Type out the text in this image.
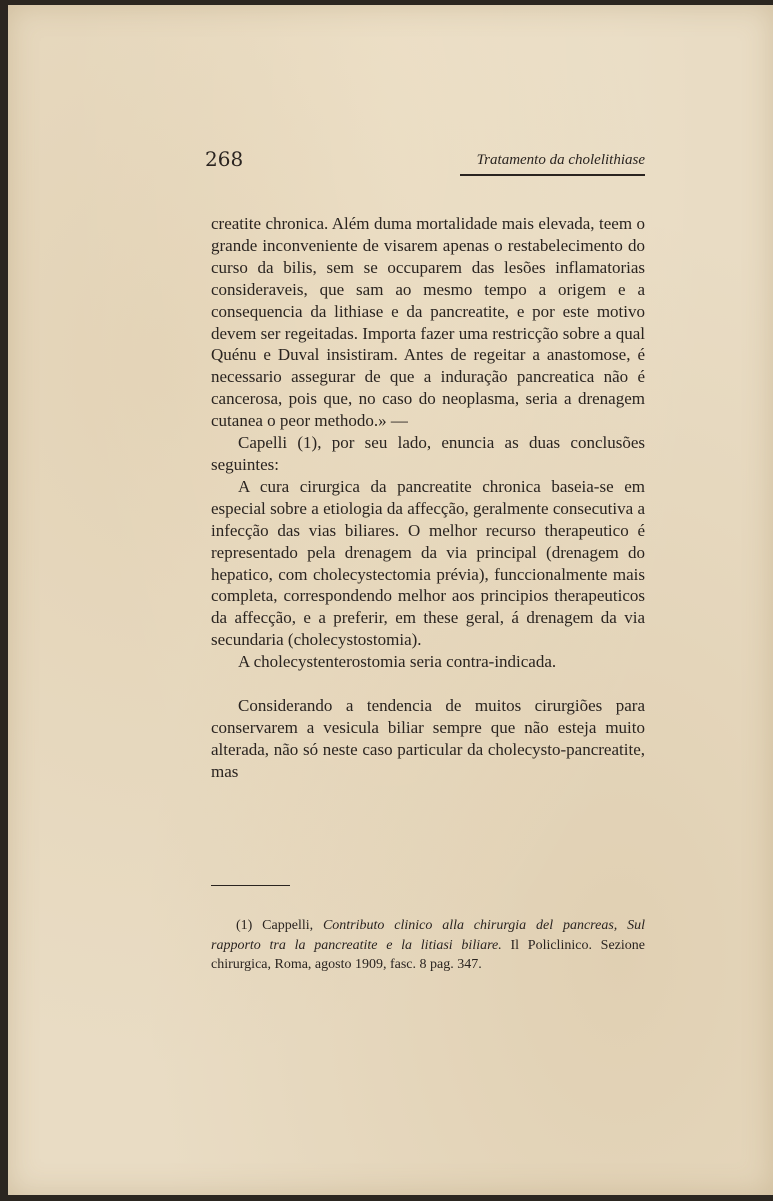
268	Tratamento da cholelithiase

creatite chronica. Além duma mortalidade mais elevada, teem o grande inconveniente de visarem apenas o restabelecimento do curso da bilis, sem se occuparem das lesões inflamatorias consideraveis, que sam ao mesmo tempo a origem e a consequencia da lithiase e da pancreatite, e por este motivo devem ser regeitadas. Importa fazer uma restricção sobre a qual Quénu e Duval insistiram. Antes de regeitar a anastomose, é necessario assegurar de que a induração pancreatica não é cancerosa, pois que, no caso do neoplasma, seria a drenagem cutanea o peor methodo.» —

Capelli (1), por seu lado, enuncia as duas conclusões seguintes:

A cura cirurgica da pancreatite chronica baseia-se em especial sobre a etiologia da affecção, geralmente consecutiva a infecção das vias biliares. O melhor recurso therapeutico é representado pela drenagem da via principal (drenagem do hepatico, com cholecystectomia prévia), funccionalmente mais completa, correspondendo melhor aos principios therapeuticos da affecção, e a preferir, em these geral, á drenagem da via secundaria (cholecystostomia).

A cholecystenterostomia seria contra-indicada.

Considerando a tendencia de muitos cirurgiões para conservarem a vesicula biliar sempre que não esteja muito alterada, não só neste caso particular da cholecysto-pancreatite, mas

(1) Cappelli, Contributo clinico alla chirurgia del pancreas, Sul rapporto tra la pancreatite e la litiasi biliare. Il Policlinico. Sezione chirurgica, Roma, agosto 1909, fasc. 8 pag. 347.
